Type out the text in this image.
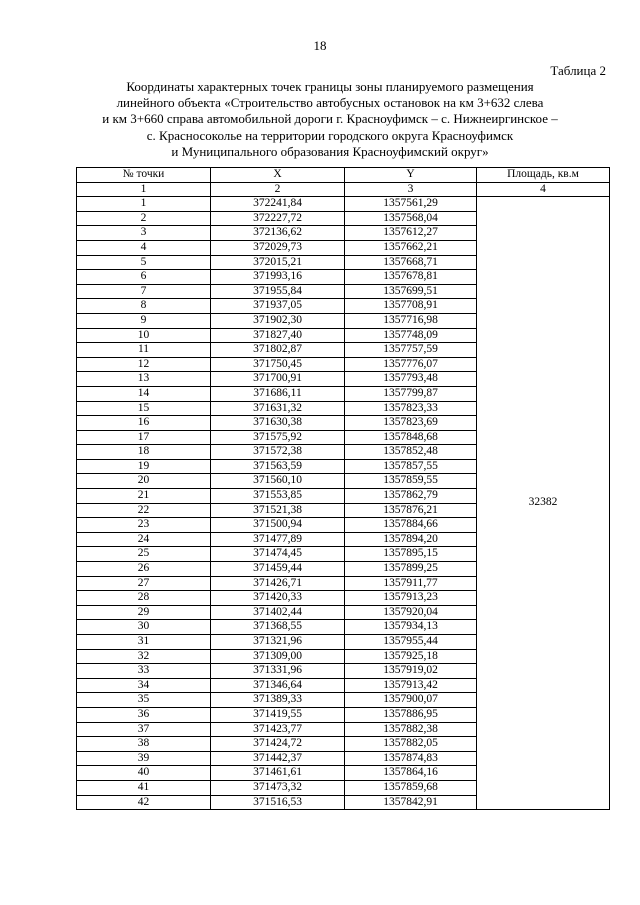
18
Таблица 2
Координаты характерных точек границы зоны планируемого размещения
линейного объекта «Строительство автобусных остановок на км 3+632 слева
и км 3+660 справа автомобильной дороги г. Красноуфимск – с. Нижнеиргинское –
с. Красносоколье на территории городского округа Красноуфимск
и Муниципального образования Красноуфимский округ»
№ точки	X	Y	Площадь, кв.м
1	2	3	4
1	372241,84	1357561,29	32382
2	372227,72	1357568,04	
3	372136,62	1357612,27	
4	372029,73	1357662,21	
5	372015,21	1357668,71	
6	371993,16	1357678,81	
7	371955,84	1357699,51	
8	371937,05	1357708,91	
9	371902,30	1357716,98	
10	371827,40	1357748,09	
11	371802,87	1357757,59	
12	371750,45	1357776,07	
13	371700,91	1357793,48	
14	371686,11	1357799,87	
15	371631,32	1357823,33	
16	371630,38	1357823,69	
17	371575,92	1357848,68	
18	371572,38	1357852,48	
19	371563,59	1357857,55	
20	371560,10	1357859,55	
21	371553,85	1357862,79	
22	371521,38	1357876,21	
23	371500,94	1357884,66	
24	371477,89	1357894,20	
25	371474,45	1357895,15	
26	371459,44	1357899,25	
27	371426,71	1357911,77	
28	371420,33	1357913,23	
29	371402,44	1357920,04	
30	371368,55	1357934,13	
31	371321,96	1357955,44	
32	371309,00	1357925,18	
33	371331,96	1357919,02	
34	371346,64	1357913,42	
35	371389,33	1357900,07	
36	371419,55	1357886,95	
37	371423,77	1357882,38	
38	371424,72	1357882,05	
39	371442,37	1357874,83	
40	371461,61	1357864,16	
41	371473,32	1357859,68	
42	371516,53	1357842,91	
